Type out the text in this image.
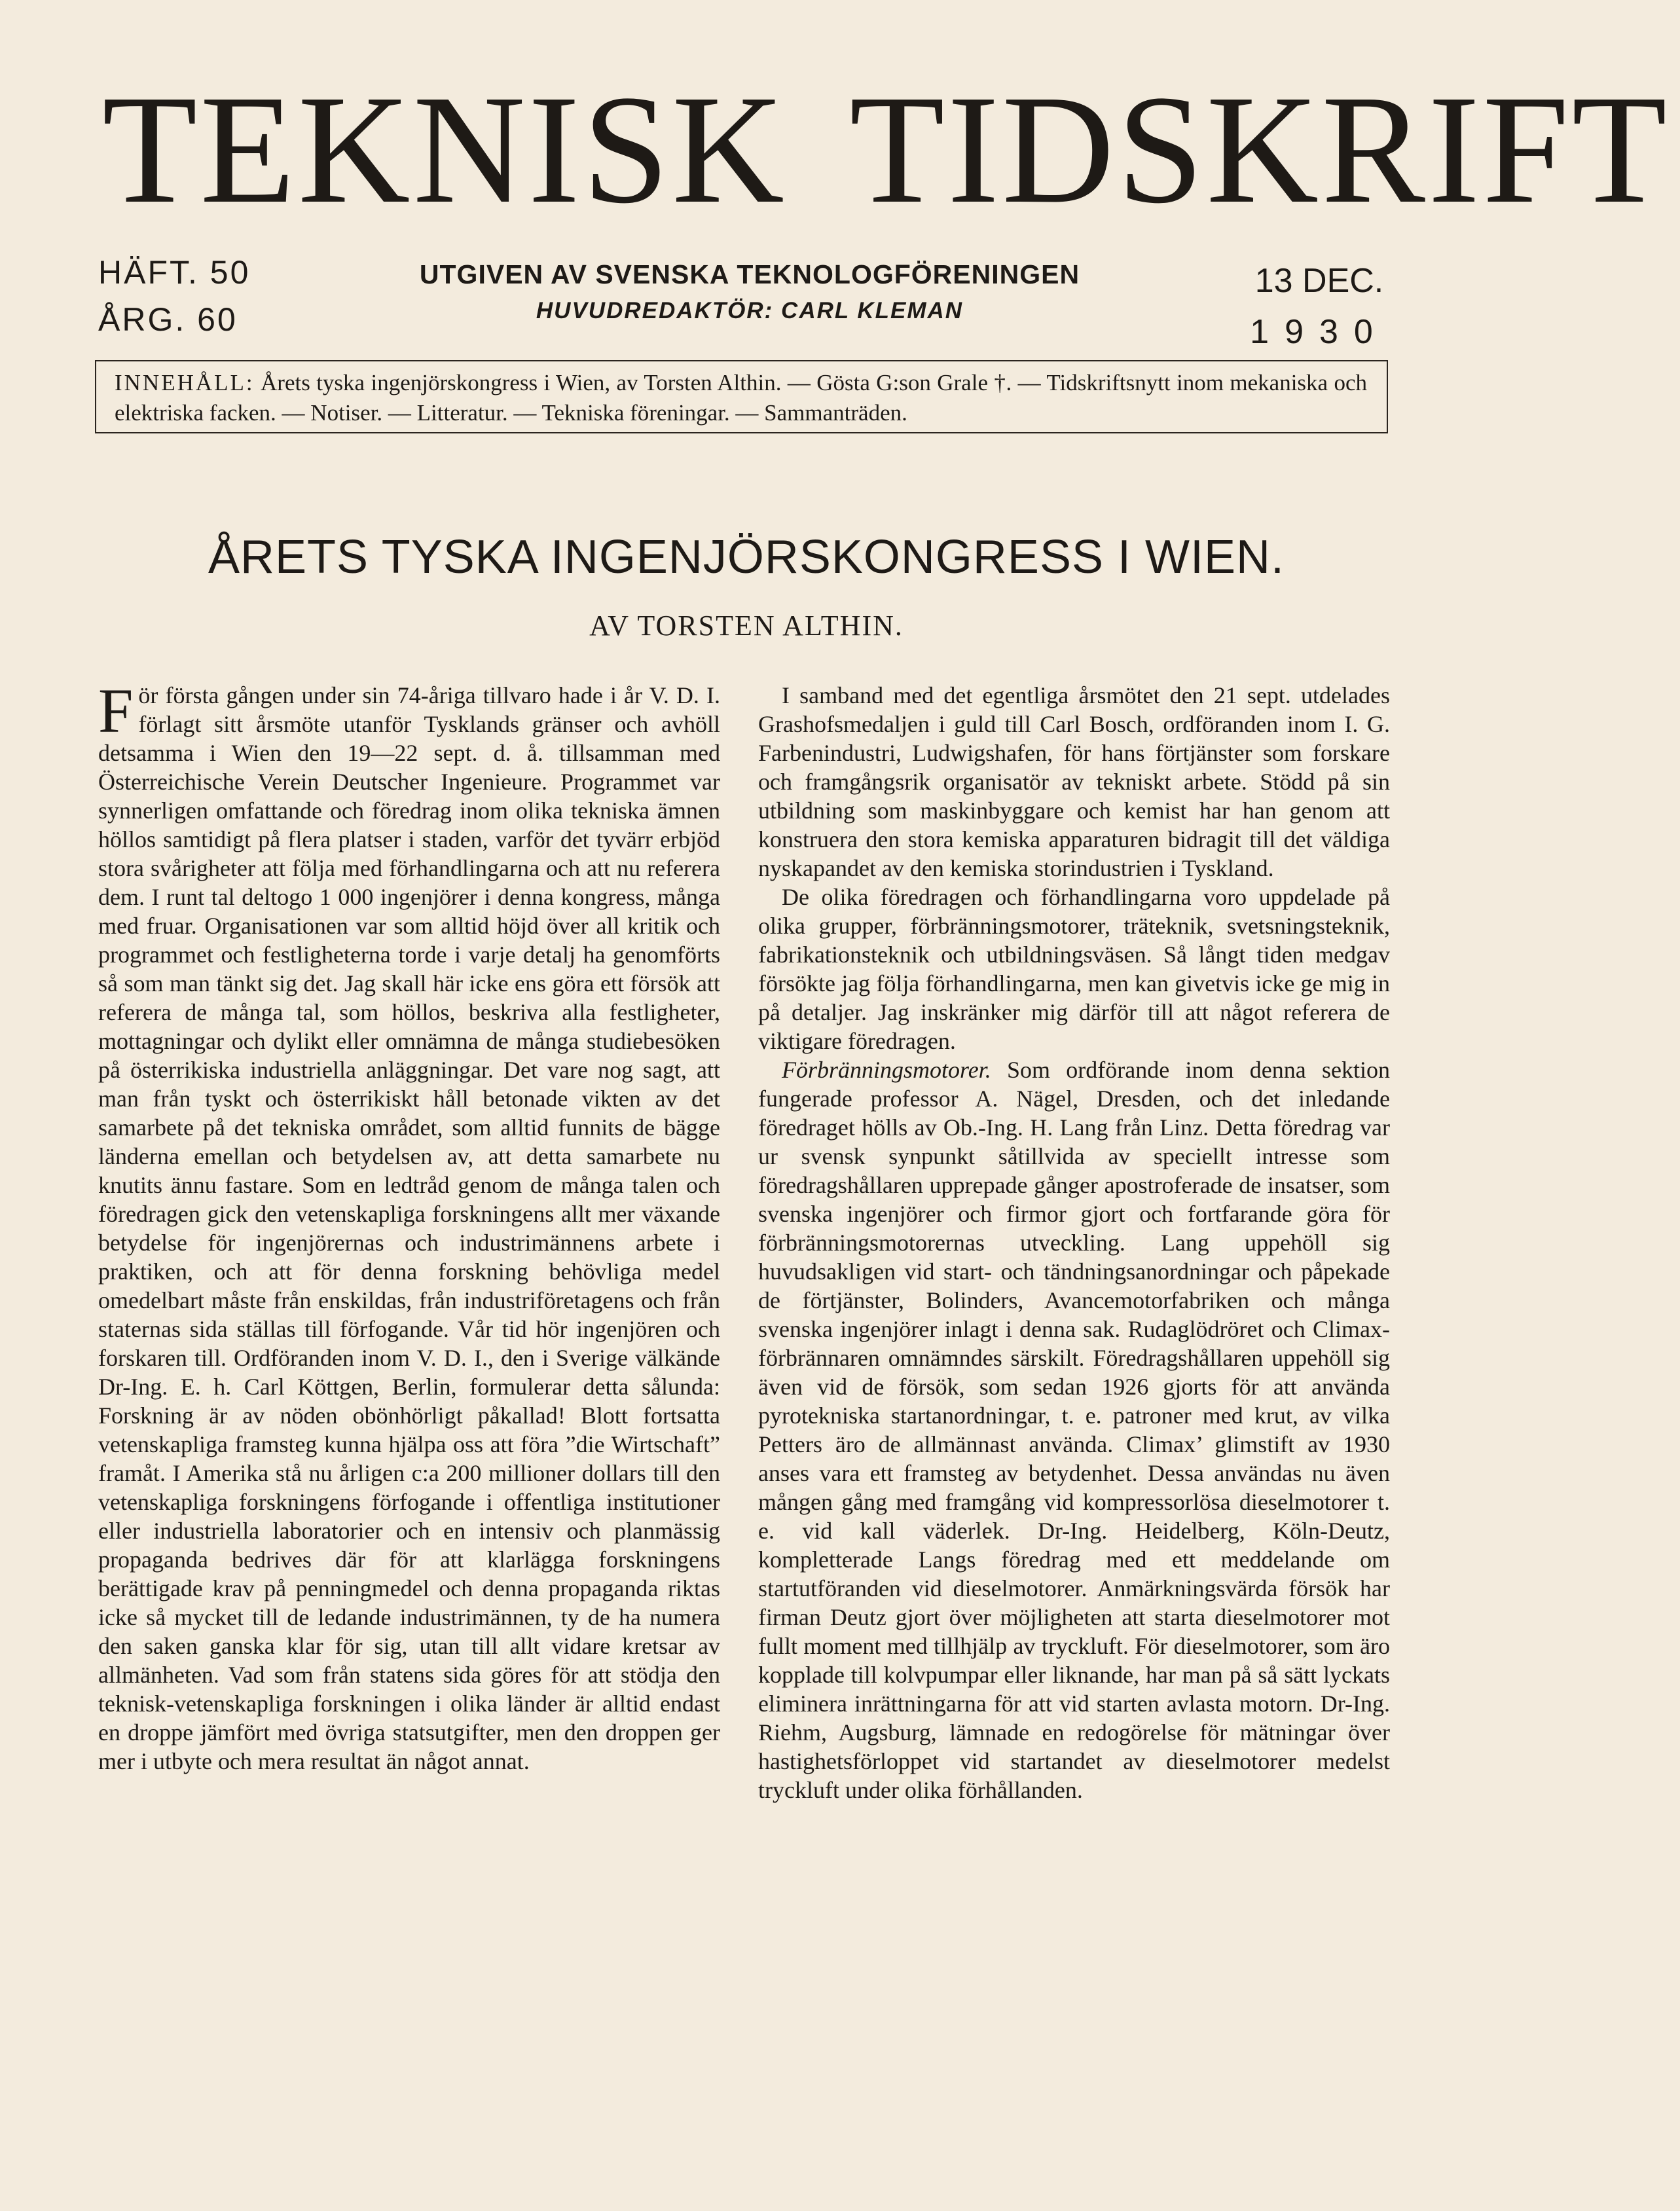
TEKNISK TIDSKRIFT
HÄFT. 50
ÅRG. 60
UTGIVEN AV SVENSKA TEKNOLOGFÖRENINGEN
HUVUDREDAKTÖR: CARL KLEMAN
13 DEC.
1930
INNEHÅLL: Årets tyska ingenjörskongress i Wien, av Torsten Althin. — Gösta G:son Grale †. — Tidskriftsnytt inom mekaniska och elektriska facken. — Notiser. — Litteratur. — Tekniska föreningar. — Sammanträden.
ÅRETS TYSKA INGENJÖRSKONGRESS I WIEN.
AV TORSTEN ALTHIN.

För första gången under sin 74-åriga tillvaro hade i år V. D. I. förlagt sitt årsmöte utanför Tysklands gränser och avhöll detsamma i Wien den 19—22 sept. d. å. tillsamman med Österreichische Verein Deutscher Ingenieure. Programmet var synnerligen omfattande och föredrag inom olika tekniska ämnen höllos samtidigt på flera platser i staden, varför det tyvärr erbjöd stora svårigheter att följa med förhandlingarna och att nu referera dem. I runt tal deltogo 1 000 ingenjörer i denna kongress, många med fruar. Organisationen var som alltid höjd över all kritik och programmet och festligheterna torde i varje detalj ha genomförts så som man tänkt sig det. Jag skall här icke ens göra ett försök att referera de många tal, som höllos, beskriva alla festligheter, mottagningar och dylikt eller omnämna de många studiebesöken på österrikiska industriella anläggningar. Det vare nog sagt, att man från tyskt och österrikiskt håll betonade vikten av det samarbete på det tekniska området, som alltid funnits de bägge länderna emellan och betydelsen av, att detta samarbete nu knutits ännu fastare. Som en ledtråd genom de många talen och föredragen gick den vetenskapliga forskningens allt mer växande betydelse för ingenjörernas och industrimännens arbete i praktiken, och att för denna forskning behövliga medel omedelbart måste från enskildas, från industriföretagens och från staternas sida ställas till förfogande. Vår tid hör ingenjören och forskaren till. Ordföranden inom V. D. I., den i Sverige välkände Dr-Ing. E. h. Carl Köttgen, Berlin, formulerar detta sålunda: Forskning är av nöden obönhörligt påkallad! Blott fortsatta vetenskapliga framsteg kunna hjälpa oss att föra ”die Wirtschaft” framåt. I Amerika stå nu årligen c:a 200 millioner dollars till den vetenskapliga forskningens förfogande i offentliga institutioner eller industriella laboratorier och en intensiv och planmässig propaganda bedrives där för att klarlägga forskningens berättigade krav på penningmedel och denna propaganda riktas icke så mycket till de ledande industrimännen, ty de ha numera den saken ganska klar för sig, utan till allt vidare kretsar av allmänheten. Vad som från statens sida göres för att stödja den teknisk-vetenskapliga forskningen i olika länder är alltid endast en droppe jämfört med övriga statsutgifter, men den droppen ger mer i utbyte och mera resultat än något annat.

I samband med det egentliga årsmötet den 21 sept. utdelades Grashofsmedaljen i guld till Carl Bosch, ordföranden inom I. G. Farbenindustri, Ludwigshafen, för hans förtjänster som forskare och framgångsrik organisatör av tekniskt arbete. Stödd på sin utbildning som maskinbyggare och kemist har han genom att konstruera den stora kemiska apparaturen bidragit till det väldiga nyskapandet av den kemiska storindustrien i Tyskland.

De olika föredragen och förhandlingarna voro uppdelade på olika grupper, förbränningsmotorer, träteknik, svetsningsteknik, fabrikationsteknik och utbildningsväsen. Så långt tiden medgav försökte jag följa förhandlingarna, men kan givetvis icke ge mig in på detaljer. Jag inskränker mig därför till att något referera de viktigare föredragen.

Förbränningsmotorer. Som ordförande inom denna sektion fungerade professor A. Nägel, Dresden, och det inledande föredraget hölls av Ob.-Ing. H. Lang från Linz. Detta föredrag var ur svensk synpunkt såtillvida av speciellt intresse som föredragshållaren upprepade gånger apostroferade de insatser, som svenska ingenjörer och firmor gjort och fortfarande göra för förbränningsmotorernas utveckling. Lang uppehöll sig huvudsakligen vid start- och tändningsanordningar och påpekade de förtjänster, Bolinders, Avancemotorfabriken och många svenska ingenjörer inlagt i denna sak. Rudaglödröret och Climax-förbrännaren omnämndes särskilt. Föredragshållaren uppehöll sig även vid de försök, som sedan 1926 gjorts för att använda pyrotekniska startanordningar, t. e. patroner med krut, av vilka Petters äro de allmännast använda. Climax’ glimstift av 1930 anses vara ett framsteg av betydenhet. Dessa användas nu även mången gång med framgång vid kompressorlösa dieselmotorer t. e. vid kall väderlek. Dr-Ing. Heidelberg, Köln-Deutz, kompletterade Langs föredrag med ett meddelande om startutföranden vid dieselmotorer. Anmärkningsvärda försök har firman Deutz gjort över möjligheten att starta dieselmotorer mot fullt moment med tillhjälp av tryckluft. För dieselmotorer, som äro kopplade till kolvpumpar eller liknande, har man på så sätt lyckats eliminera inrättningarna för att vid starten avlasta motorn. Dr-Ing. Riehm, Augsburg, lämnade en redogörelse för mätningar över hastighetsförloppet vid startandet av dieselmotorer medelst tryckluft under olika förhållanden.
